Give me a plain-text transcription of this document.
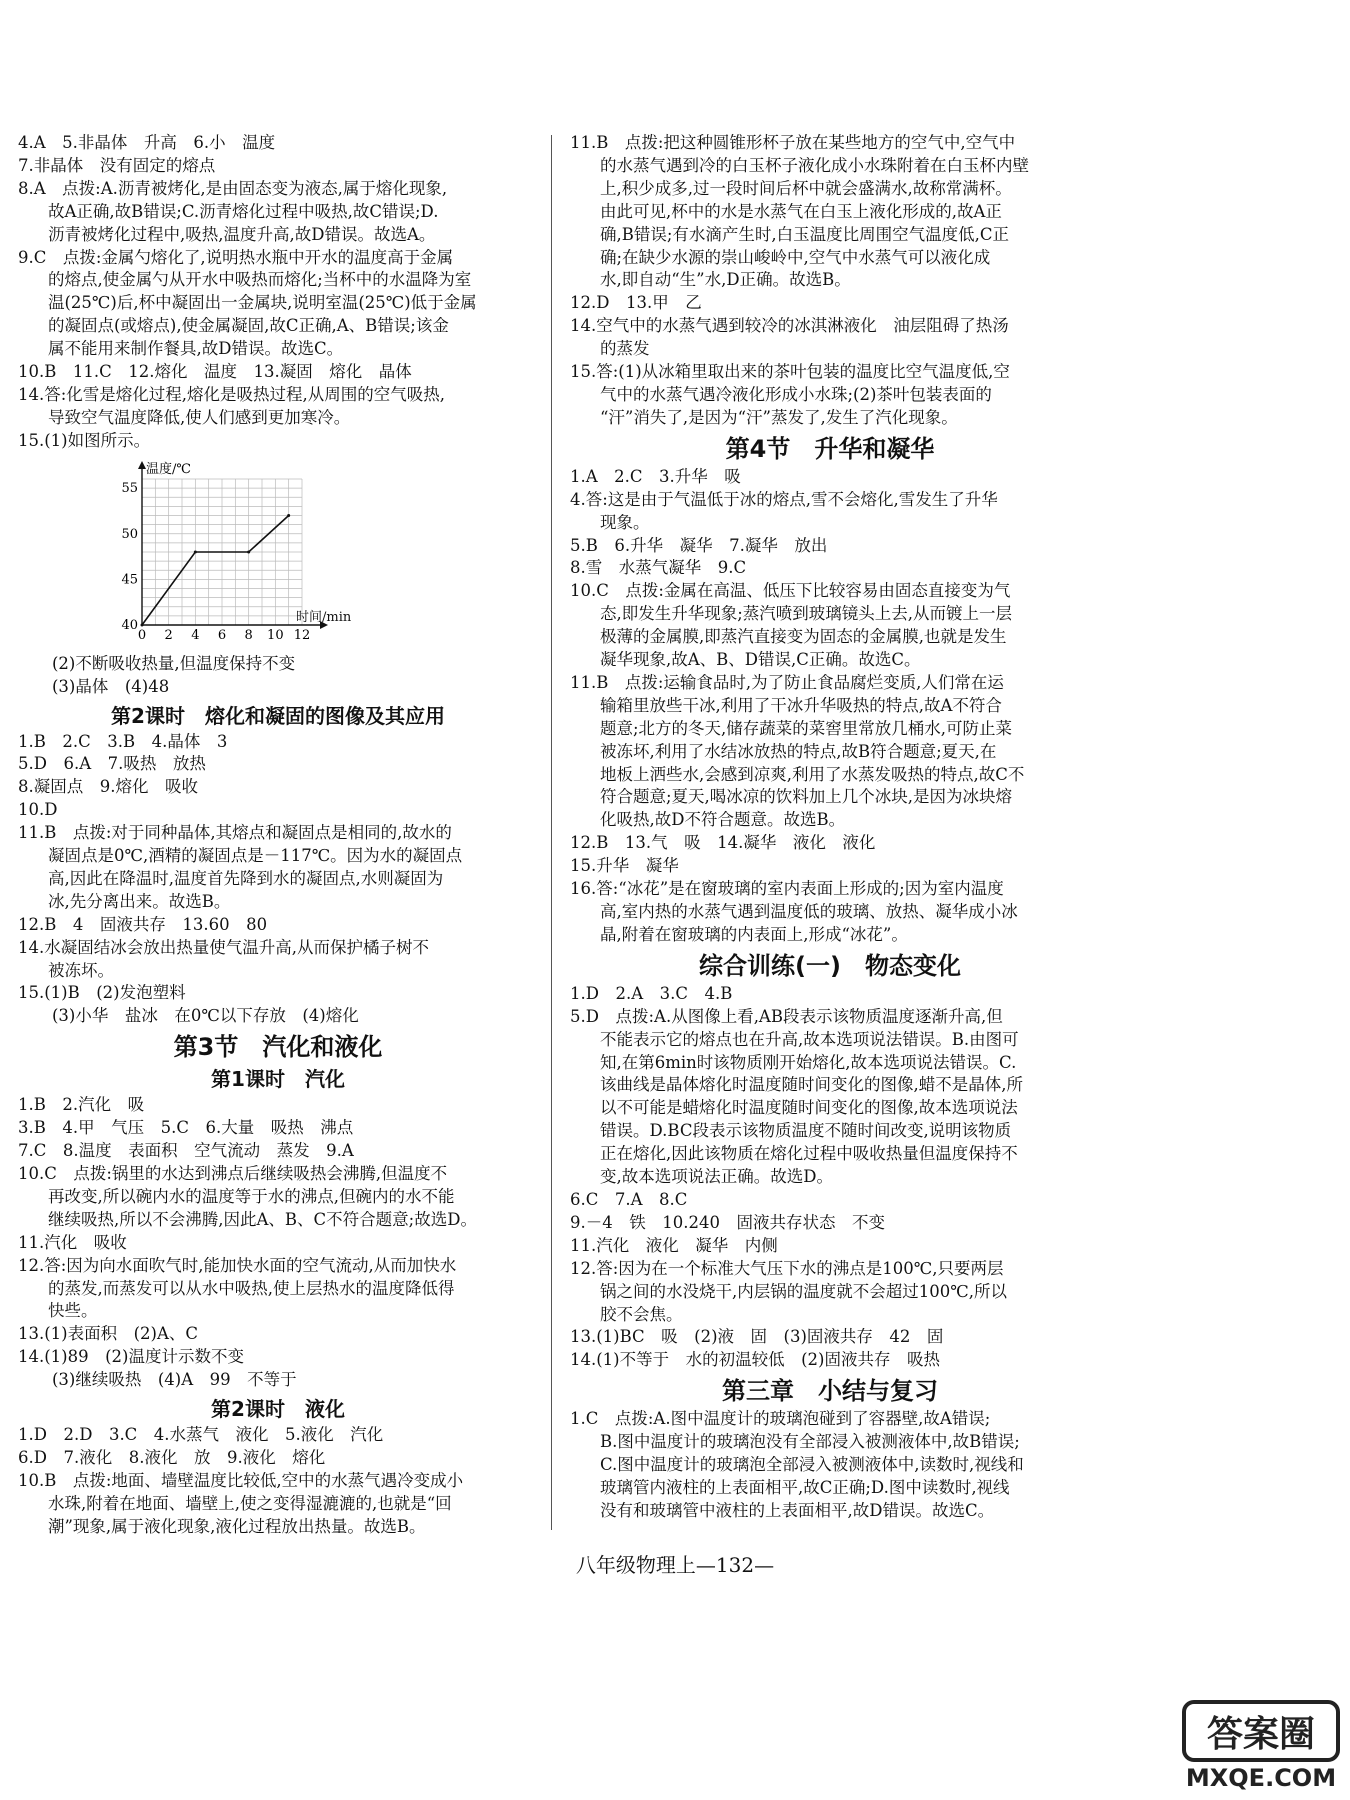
4.A　5.非晶体　升高　6.小　温度
7.非晶体　没有固定的熔点
8.A　点拨:A.沥青被烤化,是由固态变为液态,属于熔化现象,
故A正确,故B错误;C.沥青熔化过程中吸热,故C错误;D.
沥青被烤化过程中,吸热,温度升高,故D错误。故选A。
9.C　点拨:金属勺熔化了,说明热水瓶中开水的温度高于金属
的熔点,使金属勺从开水中吸热而熔化;当杯中的水温降为室
温(25℃)后,杯中凝固出一金属块,说明室温(25℃)低于金属
的凝固点(或熔点),使金属凝固,故C正确,A、B错误;该金
属不能用来制作餐具,故D错误。故选C。
10.B　11.C　12.熔化　温度　13.凝固　熔化　晶体
14.答:化雪是熔化过程,熔化是吸热过程,从周围的空气吸热,
导致空气温度降低,使人们感到更加寒冷。
15.(1)如图所示。
0 2 4 6 8 10 12
40
45
50
55
温度/℃
时间/min
(2)不断吸收热量,但温度保持不变
(3)晶体　(4)48
第2课时　熔化和凝固的图像及其应用
1.B　2.C　3.B　4.晶体　3
5.D　6.A　7.吸热　放热
8.凝固点　9.熔化　吸收
10.D
11.B　点拨:对于同种晶体,其熔点和凝固点是相同的,故水的
凝固点是0℃,酒精的凝固点是－117℃。因为水的凝固点
高,因此在降温时,温度首先降到水的凝固点,水则凝固为
冰,先分离出来。故选B。
12.B　4　固液共存　13.60　80
14.水凝固结冰会放出热量使气温升高,从而保护橘子树不
被冻坏。
15.(1)B　(2)发泡塑料
(3)小华　盐冰　在0℃以下存放　(4)熔化
第3节　汽化和液化
第1课时　汽化
1.B　2.汽化　吸
3.B　4.甲　气压　5.C　6.大量　吸热　沸点
7.C　8.温度　表面积　空气流动　蒸发　9.A
10.C　点拨:锅里的水达到沸点后继续吸热会沸腾,但温度不
再改变,所以碗内水的温度等于水的沸点,但碗内的水不能
继续吸热,所以不会沸腾,因此A、B、C不符合题意;故选D。
11.汽化　吸收
12.答:因为向水面吹气时,能加快水面的空气流动,从而加快水
的蒸发,而蒸发可以从水中吸热,使上层热水的温度降低得
快些。
13.(1)表面积　(2)A、C
14.(1)89　(2)温度计示数不变
(3)继续吸热　(4)A　99　不等于
第2课时　液化
1.D　2.D　3.C　4.水蒸气　液化　5.液化　汽化
6.D　7.液化　8.液化　放　9.液化　熔化
10.B　点拨:地面、墙壁温度比较低,空中的水蒸气遇冷变成小
水珠,附着在地面、墙壁上,使之变得湿漉漉的,也就是“回
潮”现象,属于液化现象,液化过程放出热量。故选B。
11.B　点拨:把这种圆锥形杯子放在某些地方的空气中,空气中
的水蒸气遇到冷的白玉杯子液化成小水珠附着在白玉杯内壁
上,积少成多,过一段时间后杯中就会盛满水,故称常满杯。
由此可见,杯中的水是水蒸气在白玉上液化形成的,故A正
确,B错误;有水滴产生时,白玉温度比周围空气温度低,C正
确;在缺少水源的崇山峻岭中,空气中水蒸气可以液化成
水,即自动“生”水,D正确。故选B。
12.D　13.甲　乙
14.空气中的水蒸气遇到较冷的冰淇淋液化　油层阻碍了热汤
的蒸发
15.答:(1)从冰箱里取出来的茶叶包装的温度比空气温度低,空
气中的水蒸气遇冷液化形成小水珠;(2)茶叶包装表面的
“汗”消失了,是因为“汗”蒸发了,发生了汽化现象。
第4节　升华和凝华
1.A　2.C　3.升华　吸
4.答:这是由于气温低于冰的熔点,雪不会熔化,雪发生了升华
现象。
5.B　6.升华　凝华　7.凝华　放出
8.雪　水蒸气凝华　9.C
10.C　点拨:金属在高温、低压下比较容易由固态直接变为气
态,即发生升华现象;蒸汽喷到玻璃镜头上去,从而镀上一层
极薄的金属膜,即蒸汽直接变为固态的金属膜,也就是发生
凝华现象,故A、B、D错误,C正确。故选C。
11.B　点拨:运输食品时,为了防止食品腐烂变质,人们常在运
输箱里放些干冰,利用了干冰升华吸热的特点,故A不符合
题意;北方的冬天,储存蔬菜的菜窖里常放几桶水,可防止菜
被冻坏,利用了水结冰放热的特点,故B符合题意;夏天,在
地板上洒些水,会感到凉爽,利用了水蒸发吸热的特点,故C不
符合题意;夏天,喝冰凉的饮料加上几个冰块,是因为冰块熔
化吸热,故D不符合题意。故选B。
12.B　13.气　吸　14.凝华　液化　液化
15.升华　凝华
16.答:“冰花”是在窗玻璃的室内表面上形成的;因为室内温度
高,室内热的水蒸气遇到温度低的玻璃、放热、凝华成小冰
晶,附着在窗玻璃的内表面上,形成“冰花”。
综合训练(一)　物态变化
1.D　2.A　3.C　4.B
5.D　点拨:A.从图像上看,AB段表示该物质温度逐渐升高,但
不能表示它的熔点也在升高,故本选项说法错误。B.由图可
知,在第6min时该物质刚开始熔化,故本选项说法错误。C.
该曲线是晶体熔化时温度随时间变化的图像,蜡不是晶体,所
以不可能是蜡熔化时温度随时间变化的图像,故本选项说法
错误。D.BC段表示该物质温度不随时间改变,说明该物质
正在熔化,因此该物质在熔化过程中吸收热量但温度保持不
变,故本选项说法正确。故选D。
6.C　7.A　8.C
9.－4　铁　10.240　固液共存状态　不变
11.汽化　液化　凝华　内侧
12.答:因为在一个标准大气压下水的沸点是100℃,只要两层
锅之间的水没烧干,内层锅的温度就不会超过100℃,所以
胶不会焦。
13.(1)BC　吸　(2)液　固　(3)固液共存　42　固
14.(1)不等于　水的初温较低　(2)固液共存　吸热
第三章　小结与复习
1.C　点拨:A.图中温度计的玻璃泡碰到了容器壁,故A错误;
B.图中温度计的玻璃泡没有全部浸入被测液体中,故B错误;
C.图中温度计的玻璃泡全部浸入被测液体中,读数时,视线和
玻璃管内液柱的上表面相平,故C正确;D.图中读数时,视线
没有和玻璃管中液柱的上表面相平,故D错误。故选C。
八年级物理上—132—
答案圈
MXQE.COM
